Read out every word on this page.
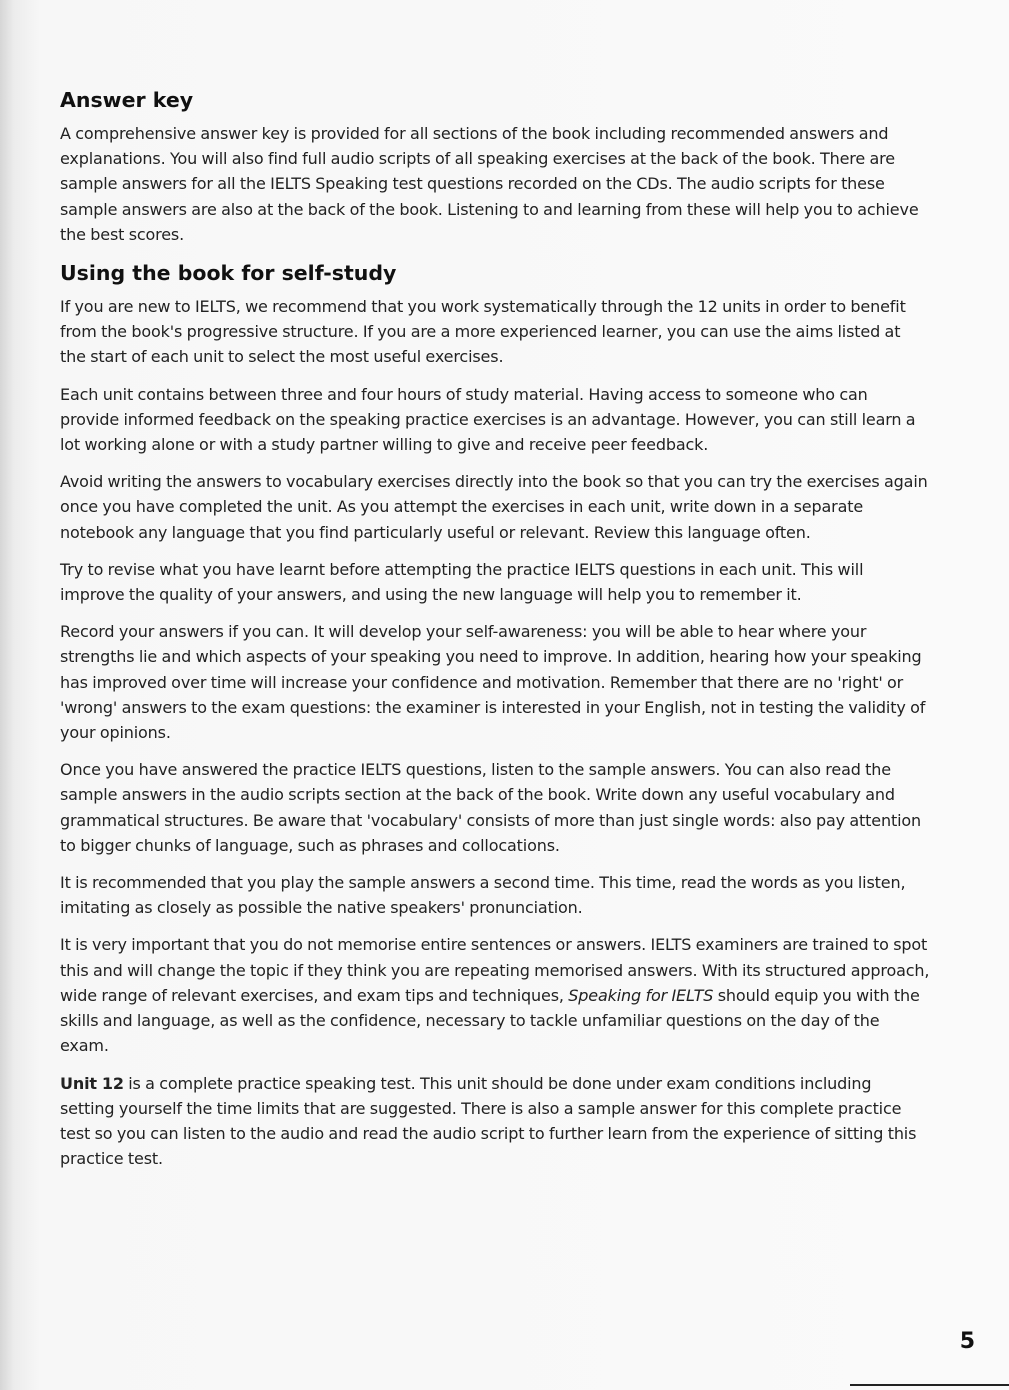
Answer key

A comprehensive answer key is provided for all sections of the book including recommended answers and explanations. You will also find full audio scripts of all speaking exercises at the back of the book. There are sample answers for all the IELTS Speaking test questions recorded on the CDs. The audio scripts for these sample answers are also at the back of the book. Listening to and learning from these will help you to achieve the best scores.

Using the book for self-study

If you are new to IELTS, we recommend that you work systematically through the 12 units in order to benefit from the book's progressive structure. If you are a more experienced learner, you can use the aims listed at the start of each unit to select the most useful exercises.

Each unit contains between three and four hours of study material. Having access to someone who can provide informed feedback on the speaking practice exercises is an advantage. However, you can still learn a lot working alone or with a study partner willing to give and receive peer feedback.

Avoid writing the answers to vocabulary exercises directly into the book so that you can try the exercises again once you have completed the unit. As you attempt the exercises in each unit, write down in a separate notebook any language that you find particularly useful or relevant. Review this language often.

Try to revise what you have learnt before attempting the practice IELTS questions in each unit. This will improve the quality of your answers, and using the new language will help you to remember it.

Record your answers if you can. It will develop your self-awareness: you will be able to hear where your strengths lie and which aspects of your speaking you need to improve. In addition, hearing how your speaking has improved over time will increase your confidence and motivation. Remember that there are no 'right' or 'wrong' answers to the exam questions: the examiner is interested in your English, not in testing the validity of your opinions.

Once you have answered the practice IELTS questions, listen to the sample answers. You can also read the sample answers in the audio scripts section at the back of the book. Write down any useful vocabulary and grammatical structures. Be aware that 'vocabulary' consists of more than just single words: also pay attention to bigger chunks of language, such as phrases and collocations.

It is recommended that you play the sample answers a second time. This time, read the words as you listen, imitating as closely as possible the native speakers' pronunciation.

It is very important that you do not memorise entire sentences or answers. IELTS examiners are trained to spot this and will change the topic if they think you are repeating memorised answers. With its structured approach, wide range of relevant exercises, and exam tips and techniques, Speaking for IELTS should equip you with the skills and language, as well as the confidence, necessary to tackle unfamiliar questions on the day of the exam.

Unit 12 is a complete practice speaking test. This unit should be done under exam conditions including setting yourself the time limits that are suggested. There is also a sample answer for this complete practice test so you can listen to the audio and read the audio script to further learn from the experience of sitting this practice test.

5
